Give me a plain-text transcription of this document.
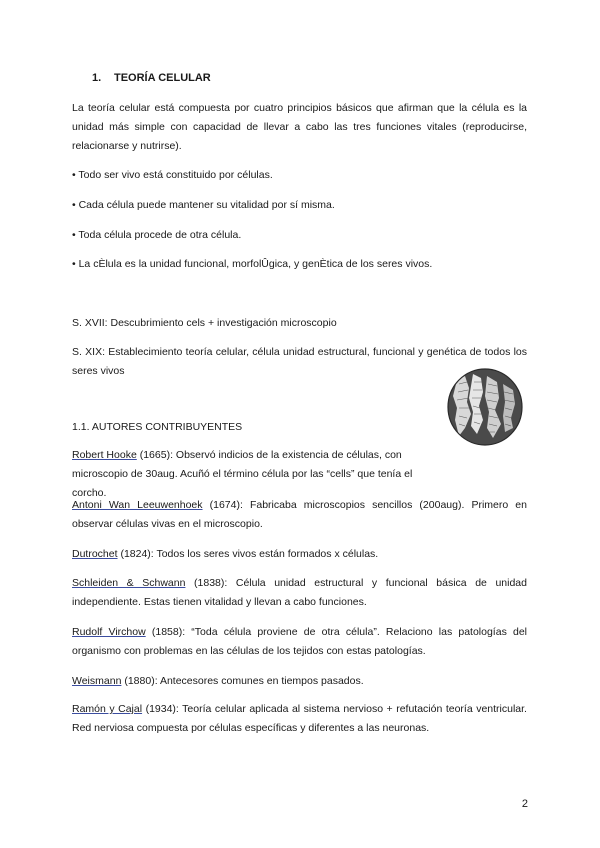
1. TEORÍA CELULAR
La teoría celular está compuesta por cuatro principios básicos que afirman que la célula es la unidad más simple con capacidad de llevar a cabo las tres funciones vitales (reproducirse, relacionarse y nutrirse).
• Todo ser vivo está constituido por células.
• Cada célula puede mantener su vitalidad por sí misma.
• Toda célula procede de otra célula.
• La cÈlula es la unidad funcional, morfolÛgica, y genÈtica de los seres vivos.
S. XVII: Descubrimiento cels + investigación microscopio
S. XIX: Establecimiento teoría celular, célula unidad estructural, funcional y genética de todos los seres vivos
1.1. AUTORES CONTRIBUYENTES
Robert Hooke (1665): Observó indicios de la existencia de células, con microscopio de 30aug. Acuñó el término célula por las “cells” que tenía el corcho.
Antoni Wan Leeuwenhoek (1674): Fabricaba microscopios sencillos (200aug). Primero en observar células vivas en el microscopio.
Dutrochet (1824): Todos los seres vivos están formados x células.
Schleiden & Schwann (1838): Célula unidad estructural y funcional básica de unidad independiente. Estas tienen vitalidad y llevan a cabo funciones.
Rudolf Virchow (1858): “Toda célula proviene de otra célula”. Relaciono las patologías del organismo con problemas en las células de los tejidos con estas patologías.
Weismann (1880): Antecesores comunes en tiempos pasados.
Ramón y Cajal (1934): Teoría celular aplicada al sistema nervioso + refutación teoría ventricular. Red nerviosa compuesta por células específicas y diferentes a las neuronas.
2
